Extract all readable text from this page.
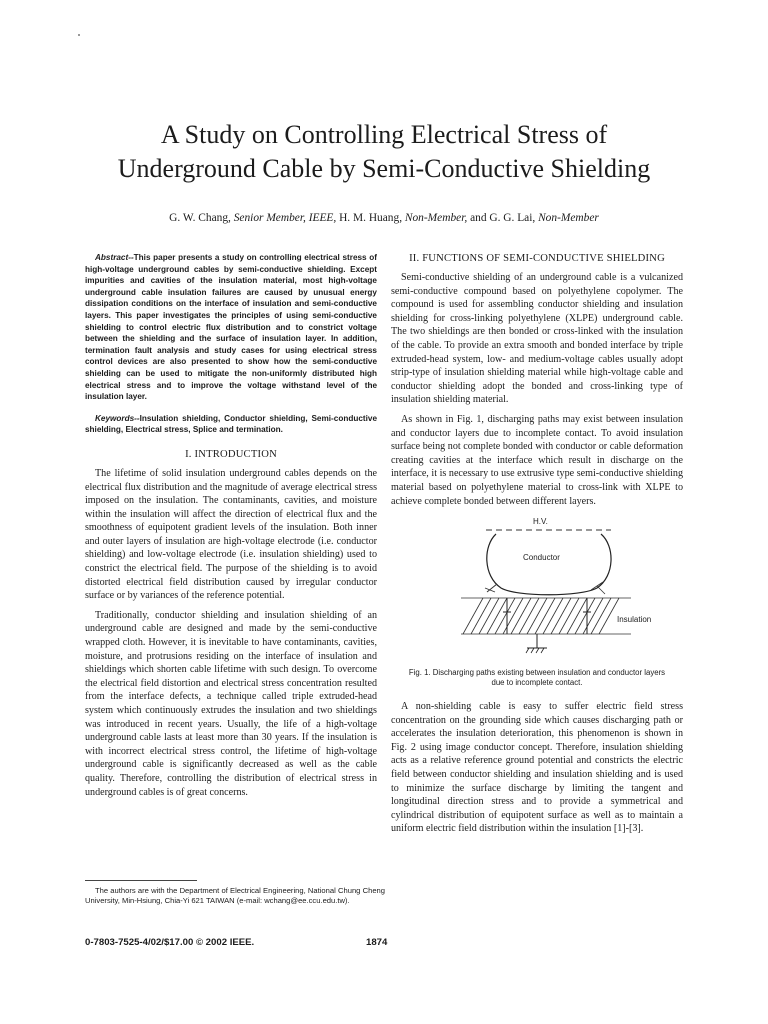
A Study on Controlling Electrical Stress of
Underground Cable by Semi-Conductive Shielding
G. W. Chang, Senior Member, IEEE, H. M. Huang, Non-Member, and G. G. Lai, Non-Member

Abstract--This paper presents a study on controlling electrical stress of high-voltage underground cables by semi-conductive shielding. Except impurities and cavities of the insulation material, most high-voltage underground cable insulation failures are caused by unusual energy dissipation conditions on the interface of insulation and semi-conductive layers. This paper investigates the principles of using semi-conductive shielding to control electric flux distribution and to constrict voltage between the shielding and the surface of insulation layer. In addition, termination fault analysis and study cases for using electrical stress control devices are also presented to show how the semi-conductive shielding can be used to mitigate the non-uniformly distributed high electrical stress and to improve the voltage withstand level of the insulation layer.

Keywords--Insulation shielding, Conductor shielding, Semi-conductive shielding, Electrical stress, Splice and termination.

I. INTRODUCTION

The lifetime of solid insulation underground cables depends on the electrical flux distribution and the magnitude of average electrical stress imposed on the insulation. The contaminants, cavities, and moisture within the insulation will affect the direction of electrical flux and the smoothness of equipotent gradient levels of the insulation. Both inner and outer layers of insulation are high-voltage electrode (i.e. conductor shielding) and low-voltage electrode (i.e. insulation shielding) used to constrict the electrical field. The purpose of the shielding is to avoid distorted electrical field distribution caused by irregular conductor surface or by variances of the reference potential.

Traditionally, conductor shielding and insulation shielding of an underground cable are designed and made by the semi-conductive wrapped cloth. However, it is inevitable to have contaminants, cavities, moisture, and protrusions residing on the interface of insulation and shieldings which shorten cable lifetime with such design. To overcome the electrical field distortion and electrical stress concentration resulted from the interface defects, a technique called triple extruded-head system which continuously extrudes the insulation and two shieldings was introduced in recent years. Usually, the life of a high-voltage underground cable lasts at least more than 30 years. If the insulation is with incorrect electrical stress control, the lifetime of high-voltage underground cable is significantly decreased as well as the cable quality. Therefore, controlling the distribution of electrical stress in underground cables is of great concerns.

The authors are with the Department of Electrical Engineering, National Chung Cheng University, Min-Hsiung, Chia-Yi 621 TAIWAN (e-mail: wchang@ee.ccu.edu.tw).

II. FUNCTIONS OF SEMI-CONDUCTIVE SHIELDING

Semi-conductive shielding of an underground cable is a vulcanized semi-conductive compound based on polyethylene copolymer. The compound is used for assembling conductor shielding and insulation shielding for cross-linking polyethylene (XLPE) underground cable. The two shieldings are then bonded or cross-linked with the insulation of the cable. To provide an extra smooth and bonded interface by triple extruded-head system, low- and medium-voltage cables usually adopt strip-type of insulation shielding material while high-voltage cable and conductor shielding adopt the bonded and cross-linking type of insulation shielding material.

As shown in Fig. 1, discharging paths may exist between insulation and conductor layers due to incomplete contact. To avoid insulation surface being not complete bonded with conductor or cable deformation creating cavities at the interface which result in discharge on the interface, it is necessary to use extrusive type semi-conductive shielding material based on polyethylene material to cross-link with XLPE to achieve complete bonded between different layers.

H.V.
Conductor
Insulation

Fig. 1. Discharging paths existing between insulation and conductor layers
due to incomplete contact.

A non-shielding cable is easy to suffer electric field stress concentration on the grounding side which causes discharging path or accelerates the insulation deterioration, this phenomenon is shown in Fig. 2 using image conductor concept. Therefore, insulation shielding acts as a relative reference ground potential and constricts the electric field between conductor shielding and insulation shielding and is used to minimize the surface discharge by limiting the tangent and longitudinal direction stress and to provide a symmetrical and cylindrical distribution of equipotent surface as well as to maintain a uniform electric field distribution within the insulation [1]-[3].

0-7803-7525-4/02/$17.00 © 2002 IEEE.	1874
